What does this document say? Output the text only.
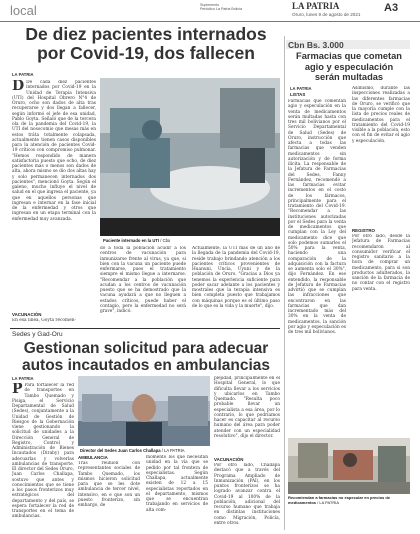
local	Suplemento
Periódico La Patria Bolivia	LA PATRIA
Oruro, lunes 9 de agosto de 2021
A3
De diez pacientes internados
por Covid-19, dos fallecen
LA PATRIA

D De cada diez pacientes internados por Covid-19 en la Unidad de Terapia Intensiva (UTI) del Hospital Obrero N°4 de Oruro, ocho son dados de alta tras recuperarse y dos llegan a fallecer, según informó el jefe de esa unidad, Pablo Goyta. Señaló que de la tercera ola de la pandemia del Covid-19, la UTI del nosocomio que mesas más en estos tráta totalmente colapsada, actualmente tienen casos disponibles para la atención de pacientes Covid-19 críticos con compromiso pulmonar. "Hemos respondido de manera satisfactoria puesto que ocho, de diez pacientes más o menos son dados de alta, ahora mismo se dio dos altas hay y solo permanecen internados dos pacientes", mencionó Goyta. Según el galeno, mucho influye el nivel de salud en el que ingresa el paciente, ya que en aquellos personas que ingresan e internar en la fase inicial de la enfermedad y otros que ingresan en un etapa terminal con la enfermedad muy avanzada.

VACUNACIÓN
En esa línea, Goyta recomen-
Paciente internado en la UTI / Cbo
dó a toda la población acudir a los centros de vacunación para inmunizarse frente al virus, ya que, si bien con la vacuna un paciente puede enfermarse, pues el tratamiento siempre el mismo llegue a internarse. "Recomendar a la población que acudan a los centros de vacunación puesto que se ha demostrado que la vacuna ayudará a que no lleguen a estados críticos, puede haber el contagio, pero la enfermedad no será grave", indicó.
Actualmente, la UTI más de un año de la llegada de la pandemia del Covid-19, reside trabajo brindando atención a los pacientes críticos provenientes de Huanuni, Uncía, Uyuni y de la población de Oruro. "Gracias a Dios ya tenemos la experiencia suficiente para poder sacar adelante a los pacientes y mostrales que la terapia intensiva es bien completa puesto que trabajamos con máquinas porque es el último paso de lo que es la vida y la muerte", dijo.
Cbn Bs. 3.000
Farmacias que cometan
agio y especulación
serán multadas
LA PATRIA
LISTAS
Farmacias que comentan agio y especulación en la venta de medicamentos serán multadas hasta con tres mil bolivianos por el Servicio Departamental de Salud (Sedes) de Oruro, instrucción que afecta a todas las farmacias que venden medicamentos sin autorización y de forma ilícita. La responsable de la Jefatura de Farmacias del Sedes, Fanny Fernández, recomendó a las farmacias evitar incrementos en el costo de los fármacos, principalmente para el tratamiento del Covid-19. "Recomendar a las instituciones autorizadas por el Sedes para la venta de medicamentos que cumplan con la Ley del medicamento dice que solo podemos sumarles el 50% para la venta, haciendo una comparación de la adquisición con la factura se aumenta solo el 30%", dijo Fernández. En ese entendido, la responsable de Jefatura de Farmacias advirtió que se cumplan las infracciones que encontraron en las farmacias que dan incrementado más del 30% en la venta de medicamentos, la sanción por agio y especulación es de tres mil bolivianos.
Asimismo, durante las inspecciones realizadas a las diferentes farmacias de Oruro, se verificó que la mayoría cumple con la lista de precios reales de medicamentos para el tratamiento del Covid-19 visible a la población, esto con el fin de evitar el agio y especulación.
REGISTRO
Por otro lado, desde la Jefatura de Farmacias recomendaron al consumidor verificar el registro sanitario a la hora de comprar un medicamento, para si son productos adulterados, la sanción de la farmacia de no contar con el registro para venta.
Recomiendan a farmacias no especular en precios de medicamentos / LA PATRIA
Sedes y Gad-Oru
Gestionan solicitud para adecuar
autos incautados en ambulancias
LA PATRIA

P Para fortalecer la red de transportes en Tambo Quemado y Pisiga, el Servicio Departamental de Salud (Sedes), conjuntamente a la Unidad de Gestión de Riesgos de la Gobernación viene gestionando la solicitud de unidades a la Dirección General de Registro, Control y Administración de Bienes Incautados (Diraby) para adecuarlas y volverlas ambulancias de transporte. El director del Sedes Oruro, Juan Carlos Challapa, sostuvo que antes y conocimientos que se tiene a los pasos fronterizos muy estratégicos del departamento y del país, se espera fortalecer la red de transportes en el tema de ambulancias.

Director del Sedes Juan Carlos Challapa / LA PATRIA
AMBULANCIA
Tras reunión con representantes sociales de Tambo Quemado, los mismos hicieron solicitud para que se les dote ambulancia de tercer nivel, intensivo, en e que son un puesto fronterizo, sin embargo, de
momento los que necesitan unidad en la vía que se pedido por tal frontera de especialistas. Según Challapa, actualmente existen de 12 a 15 especialistas reportados en el departamento, mismos que se encuentran trabajando en servicios de alta com-
plejidad, principalmente en el Hospital General, lo que dificulta llevar a los servicios y ubicarlos en Tambo Quemado. "Resulta poco probable llevar un especialista a esa área, por lo contrario, lo que podríamos hacer es capacitar al recurso humano del área para poder atender con un especialidad resolutivo", dijo el director.
VACUNACIÓN
Por otro lado, Challapa destacó que a través del Programa Ampliado de Inmunización (PAI), en los puntos fronterizos se ha logrado avanzar contra el Covid-19 al 100% de la población, adicional del recurso humano que trabaja en distintas instituciones como Migración, Policía, entre otros.
